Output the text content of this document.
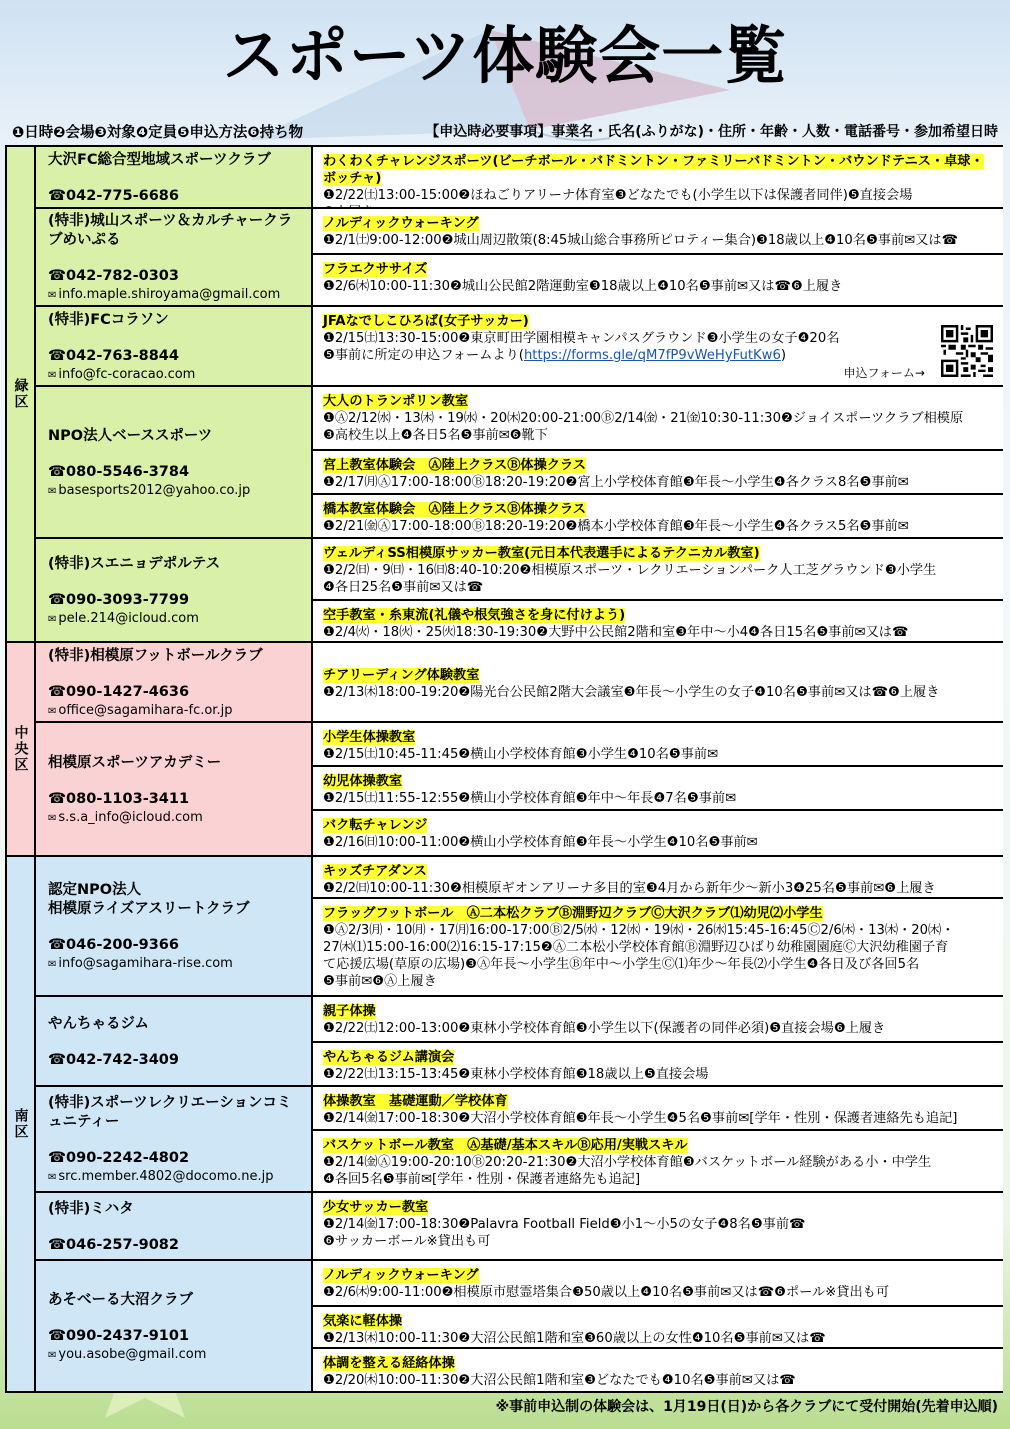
スポーツ体験会一覧
❶日時❷会場❸対象❹定員❺申込方法❻持ち物	【申込時必要事項】事業名・氏名(ふりがな)・住所・年齢・人数・電話番号・参加希望日時
緑区
中央区
南区
大沢FC総合型地域スポーツクラブ
☎042-775-6686
(特非)城山スポーツ＆カルチャークラブめいぷる
☎042-782-0303
✉ info.maple.shiroyama@gmail.com
(特非)FCコラソン
☎042-763-8844
✉ info@fc-coracao.com
NPO法人ベーススポーツ
☎080-5546-3784
✉ basesports2012@yahoo.co.jp
(特非)スエニョデポルテス
☎090-3093-7799
✉ pele.214@icloud.com
(特非)相模原フットボールクラブ
☎090-1427-4636
✉ office@sagamihara-fc.or.jp
相模原スポーツアカデミー
☎080-1103-3411
✉ s.s.a_info@icloud.com
認定NPO法人
相模原ライズアスリートクラブ
☎046-200-9366
✉ info@sagamihara-rise.com
やんちゃるジム
☎042-742-3409
(特非)スポーツレクリエーションコミュニティー
☎090-2242-4802
✉ src.member.4802@docomo.ne.jp
(特非)ミハタ
☎046-257-9082
あそべーる大沼クラブ
☎090-2437-9101
✉ you.asobe@gmail.com
わくわくチャレンジスポーツ(ビーチボール・バドミントン・ファミリーバドミントン・バウンドテニス・卓球・ボッチャ)
❶2/22㈯13:00-15:00❷ほねごりアリーナ体育室❸どなたでも(小学生以下は保護者同伴)❺直接会場

ノルディックウォーキング
❶2/1㈯9:00-12:00❷城山周辺散策(8:45城山総合事務所ピロティー集合)❸18歳以上❹10名❺事前✉又は☎
フラエクササイズ
❶2/6㈭10:00-11:30❷城山公民館2階運動室❸18歳以上❹10名❺事前✉又は☎❻上履き
JFAなでしこひろば(女子サッカー)
❶2/15㈯13:30-15:00❷東京町田学園相模キャンパスグラウンド❸小学生の女子❹20名
❺事前に所定の申込フォームより(https://forms.gle/qM7fP9vWeHyFutKw6)
申込フォーム→
大人のトランポリン教室
❶Ⓐ2/12㈬・13㈭・19㈬・20㈭20:00-21:00Ⓑ2/14㈮・21㈮10:30-11:30❷ジョイスポーツクラブ相模原
❸高校生以上❹各日5名❺事前✉❻靴下
宮上教室体験会　Ⓐ陸上クラスⒷ体操クラス
❶2/17㈪Ⓐ17:00-18:00Ⓑ18:20-19:20❷宮上小学校体育館❸年長～小学生❹各クラス8名❺事前✉
橋本教室体験会　Ⓐ陸上クラスⒷ体操クラス
❶2/21㈮Ⓐ17:00-18:00Ⓑ18:20-19:20❷橋本小学校体育館❸年長～小学生❹各クラス5名❺事前✉
ヴェルディSS相模原サッカー教室(元日本代表選手によるテクニカル教室)
❶2/2㈰・9㈰・16㈰8:40-10:20❷相模原スポーツ・レクリエーションパーク人工芝グラウンド❸小学生
❹各日25名❺事前✉又は☎
空手教室・糸東流(礼儀や根気強さを身に付けよう)
❶2/4㈫・18㈫・25㈫18:30-19:30❷大野中公民館2階和室❸年中～小4❹各日15名❺事前✉又は☎
チアリーディング体験教室
❶2/13㈭18:00-19:20❷陽光台公民館2階大会議室❸年長～小学生の女子❹10名❺事前✉又は☎❻上履き
小学生体操教室
❶2/15㈯10:45-11:45❷横山小学校体育館❸小学生❹10名❺事前✉
幼児体操教室
❶2/15㈯11:55-12:55❷横山小学校体育館❸年中～年長❹7名❺事前✉
バク転チャレンジ
❶2/16㈰10:00-11:00❷横山小学校体育館❸年長～小学生❹10名❺事前✉
キッズチアダンス
❶2/2㈰10:00-11:30❷相模原ギオンアリーナ多目的室❸4月から新年少～新小3❹25名❺事前✉❻上履き
フラッグフットボール　Ⓐ二本松クラブⒷ淵野辺クラブⒸ大沢クラブ⑴幼児⑵小学生
❶Ⓐ2/3㈪・10㈪・17㈪16:00-17:00Ⓑ2/5㈬・12㈬・19㈬・26㈬15:45-16:45Ⓒ2/6㈭・13㈭・20㈭・
27㈭⑴15:00-16:00⑵16:15-17:15❷Ⓐ二本松小学校体育館Ⓑ淵野辺ひばり幼稚園園庭Ⓒ大沢幼稚園子育
て応援広場(草原の広場)❸Ⓐ年長～小学生Ⓑ年中～小学生Ⓒ⑴年少～年長⑵小学生❹各日及び各回5名
❺事前✉❻Ⓐ上履き
親子体操
❶2/22㈯12:00-13:00❷東林小学校体育館❸小学生以下(保護者の同伴必須)❺直接会場❻上履き
やんちゃるジム講演会
❶2/22㈯13:15-13:45❷東林小学校体育館❸18歳以上❺直接会場
体操教室　基礎運動／学校体育
❶2/14㈮17:00-18:30❷大沼小学校体育館❸年長～小学生❹5名❺事前✉[学年・性別・保護者連絡先も追記]
バスケットボール教室　Ⓐ基礎/基本スキルⒷ応用/実戦スキル
❶2/14㈮Ⓐ19:00-20:10Ⓑ20:20-21:30❷大沼小学校体育館❸バスケットボール経験がある小・中学生
❹各回5名❺事前✉[学年・性別・保護者連絡先も追記]
少女サッカー教室
❶2/14㈮17:00-18:30❷Palavra Football Field❸小1～小5の女子❹8名❺事前☎
❻サッカーボール※貸出も可
ノルディックウォーキング
❶2/6㈭9:00-11:00❷相模原市慰霊塔集合❸50歳以上❹10名❺事前✉又は☎❻ポール※貸出も可
気楽に軽体操
❶2/13㈭10:00-11:30❷大沼公民館1階和室❸60歳以上の女性❹10名❺事前✉又は☎
体調を整える経絡体操
❶2/20㈭10:00-11:30❷大沼公民館1階和室❸どなたでも❹10名❺事前✉又は☎
※事前申込制の体験会は、1月19日(日)から各クラブにて受付開始(先着申込順)
